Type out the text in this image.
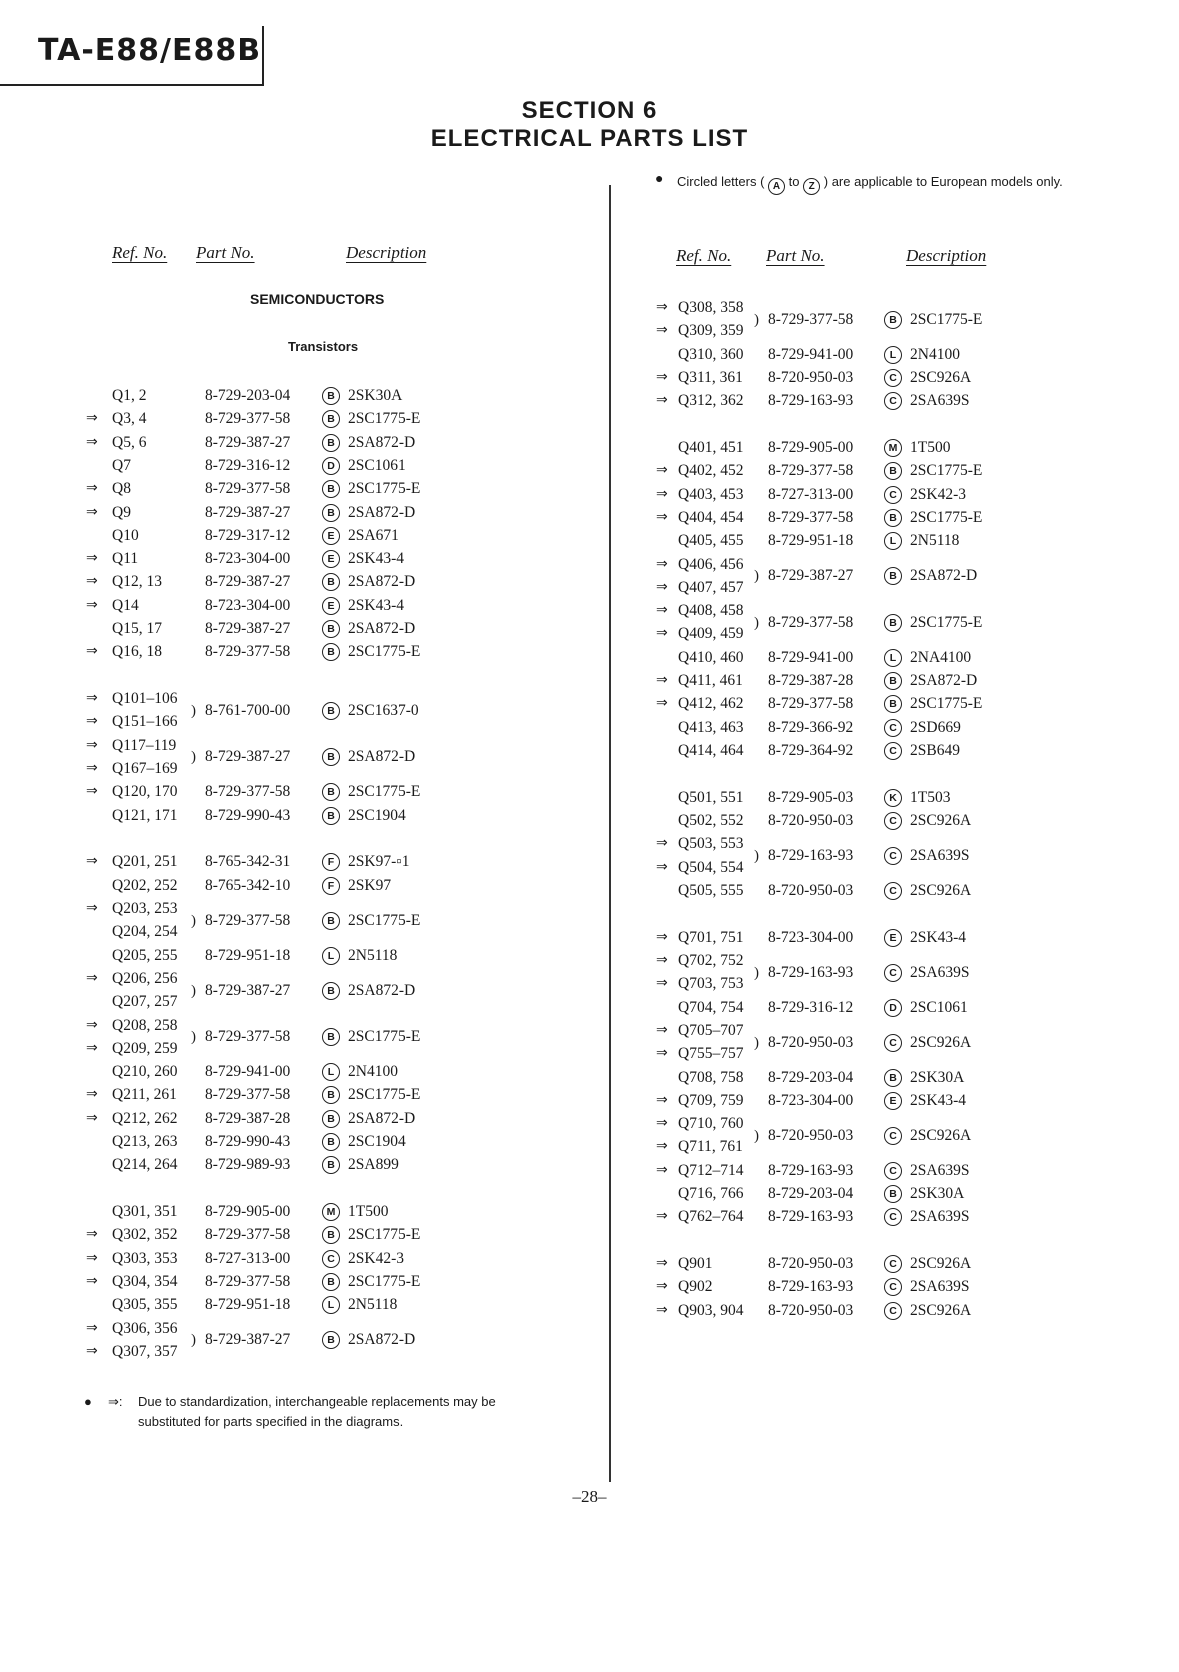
TA-E88/E88B
SECTION 6
ELECTRICAL PARTS LIST
● Circled letters ( A to Z ) are applicable to European models only.
Ref. No. Part No.	Description	Ref. No. Part No.	Description
SEMICONDUCTORS
Transistors
Q1, 2	8-729-203-04	B 2SK30A
⇒ Q3, 4	8-729-377-58	B 2SC1775-E
⇒ Q5, 6	8-729-387-27	B 2SA872-D
Q7	8-729-316-12	D 2SC1061
⇒ Q8	8-729-377-58	B 2SC1775-E
⇒ Q9	8-729-387-27	B 2SA872-D
Q10	8-729-317-12	E 2SA671
⇒ Q11	8-723-304-00	E 2SK43-4
⇒ Q12, 13	8-729-387-27	B 2SA872-D
⇒ Q14	8-723-304-00	E 2SK43-4
Q15, 17	8-729-387-27	B 2SA872-D
⇒ Q16, 18	8-729-377-58	B 2SC1775-E
⇒ Q101–106
⇒ Q151–166
) 8-761-700-00	B 2SC1637-0
⇒ Q117–119
⇒ Q167–169
) 8-729-387-27	B 2SA872-D
⇒ Q120, 170 8-729-377-58	B 2SC1775-E
Q121, 171 8-729-990-43	B 2SC1904
⇒ Q201, 251 8-765-342-31	F 2SK97-▫1
Q202, 252 8-765-342-10	F 2SK97
⇒ Q203, 253
Q204, 254
) 8-729-377-58	B 2SC1775-E
Q205, 255 8-729-951-18	L 2N5118
⇒ Q206, 256
Q207, 257
) 8-729-387-27	B 2SA872-D
⇒ Q208, 258
⇒ Q209, 259
) 8-729-377-58	B 2SC1775-E
Q210, 260 8-729-941-00	L 2N4100
⇒ Q211, 261 8-729-377-58	B 2SC1775-E
⇒ Q212, 262 8-729-387-28	B 2SA872-D
Q213, 263 8-729-990-43	B 2SC1904
Q214, 264 8-729-989-93	B 2SA899
Q301, 351 8-729-905-00	M 1T500
⇒ Q302, 352 8-729-377-58	B 2SC1775-E
⇒ Q303, 353 8-727-313-00	C 2SK42-3
⇒ Q304, 354 8-729-377-58	B 2SC1775-E
Q305, 355 8-729-951-18	L 2N5118
⇒ Q306, 356
⇒ Q307, 357
) 8-729-387-27	B 2SA872-D
⇒ Q308, 358
⇒ Q309, 359
) 8-729-377-58	B 2SC1775-E
Q310, 360 8-729-941-00	L 2N4100
⇒ Q311, 361 8-720-950-03	C 2SC926A
⇒ Q312, 362 8-729-163-93	C 2SA639S
Q401, 451 8-729-905-00	M 1T500
⇒ Q402, 452 8-729-377-58	B 2SC1775-E
⇒ Q403, 453 8-727-313-00	C 2SK42-3
⇒ Q404, 454 8-729-377-58	B 2SC1775-E
Q405, 455 8-729-951-18	L 2N5118
⇒ Q406, 456
⇒ Q407, 457
) 8-729-387-27	B 2SA872-D
⇒ Q408, 458
⇒ Q409, 459
) 8-729-377-58	B 2SC1775-E
Q410, 460 8-729-941-00	L 2NA4100
⇒ Q411, 461 8-729-387-28	B 2SA872-D
⇒ Q412, 462 8-729-377-58	B 2SC1775-E
Q413, 463 8-729-366-92	C 2SD669
Q414, 464 8-729-364-92	C 2SB649
Q501, 551 8-729-905-03	K 1T503
Q502, 552 8-720-950-03	C 2SC926A
⇒ Q503, 553
⇒ Q504, 554
) 8-729-163-93	C 2SA639S
Q505, 555 8-720-950-03	C 2SC926A
⇒ Q701, 751 8-723-304-00	E 2SK43-4
⇒ Q702, 752
⇒ Q703, 753
) 8-729-163-93	C 2SA639S
Q704, 754 8-729-316-12	D 2SC1061
⇒ Q705–707
⇒ Q755–757
) 8-720-950-03	C 2SC926A
Q708, 758 8-729-203-04	B 2SK30A
⇒ Q709, 759 8-723-304-00	E 2SK43-4
⇒ Q710, 760
⇒ Q711, 761
) 8-720-950-03	C 2SC926A
⇒ Q712–714 8-729-163-93	C 2SA639S
Q716, 766 8-729-203-04	B 2SK30A
⇒ Q762–764 8-729-163-93	C 2SA639S
⇒ Q901	8-720-950-03	C 2SC926A
⇒ Q902	8-729-163-93	C 2SA639S
⇒ Q903, 904 8-720-950-03	C 2SC926A
● ⇒: Due to standardization, interchangeable replacements may be substituted for parts specified in the diagrams.
–28–
